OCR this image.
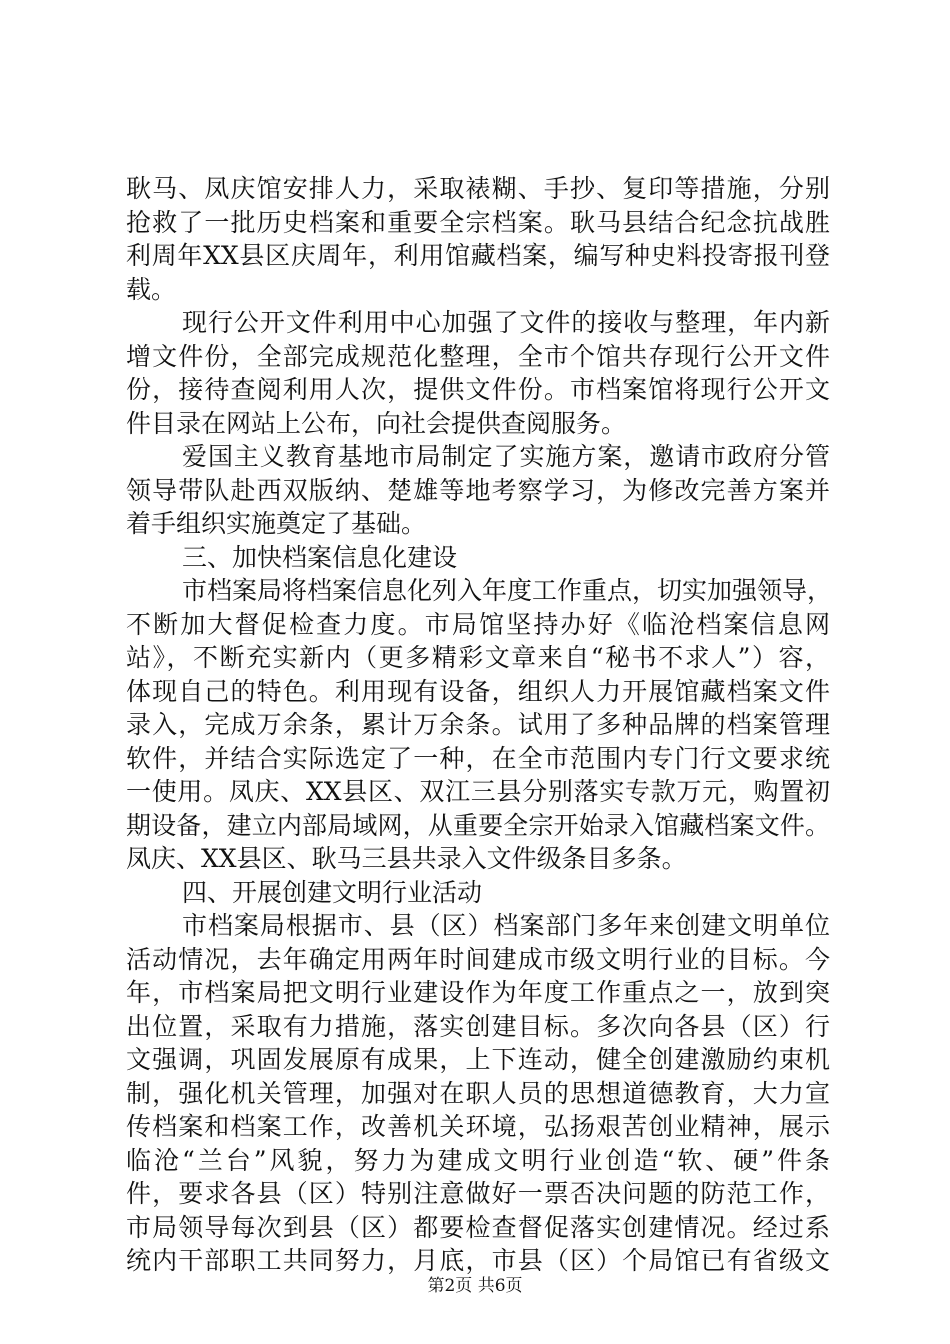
耿马、凤庆馆安排人力，采取裱糊、手抄、复印等措施，分别
抢救了一批历史档案和重要全宗档案。耿马县结合纪念抗战胜
利周年XX县区庆周年，利用馆藏档案，编写种史料投寄报刊登
载。
现行公开文件利用中心加强了文件的接收与整理，年内新
增文件份，全部完成规范化整理，全市个馆共存现行公开文件
份，接待查阅利用人次，提供文件份。市档案馆将现行公开文
件目录在网站上公布，向社会提供查阅服务。
爱国主义教育基地市局制定了实施方案，邀请市政府分管
领导带队赴西双版纳、楚雄等地考察学习，为修改完善方案并
着手组织实施奠定了基础。
三、加快档案信息化建设
市档案局将档案信息化列入年度工作重点，切实加强领导，
不断加大督促检查力度。市局馆坚持办好《临沧档案信息网
站》，不断充实新内（更多精彩文章来自“秘书不求人”）容，
体现自己的特色。利用现有设备，组织人力开展馆藏档案文件
录入，完成万余条，累计万余条。试用了多种品牌的档案管理
软件，并结合实际选定了一种，在全市范围内专门行文要求统
一使用。凤庆、XX县区、双江三县分别落实专款万元，购置初
期设备，建立内部局域网，从重要全宗开始录入馆藏档案文件。
凤庆、XX县区、耿马三县共录入文件级条目多条。
四、开展创建文明行业活动
市档案局根据市、县（区）档案部门多年来创建文明单位
活动情况，去年确定用两年时间建成市级文明行业的目标。今
年，市档案局把文明行业建设作为年度工作重点之一，放到突
出位置，采取有力措施，落实创建目标。多次向各县（区）行
文强调，巩固发展原有成果，上下连动，健全创建激励约束机
制，强化机关管理，加强对在职人员的思想道德教育，大力宣
传档案和档案工作，改善机关环境，弘扬艰苦创业精神，展示
临沧“兰台”风貌，努力为建成文明行业创造“软、硬”件条
件，要求各县（区）特别注意做好一票否决问题的防范工作，
市局领导每次到县（区）都要检查督促落实创建情况。经过系
统内干部职工共同努力，月底，市县（区）个局馆已有省级文
第2页 共6页
